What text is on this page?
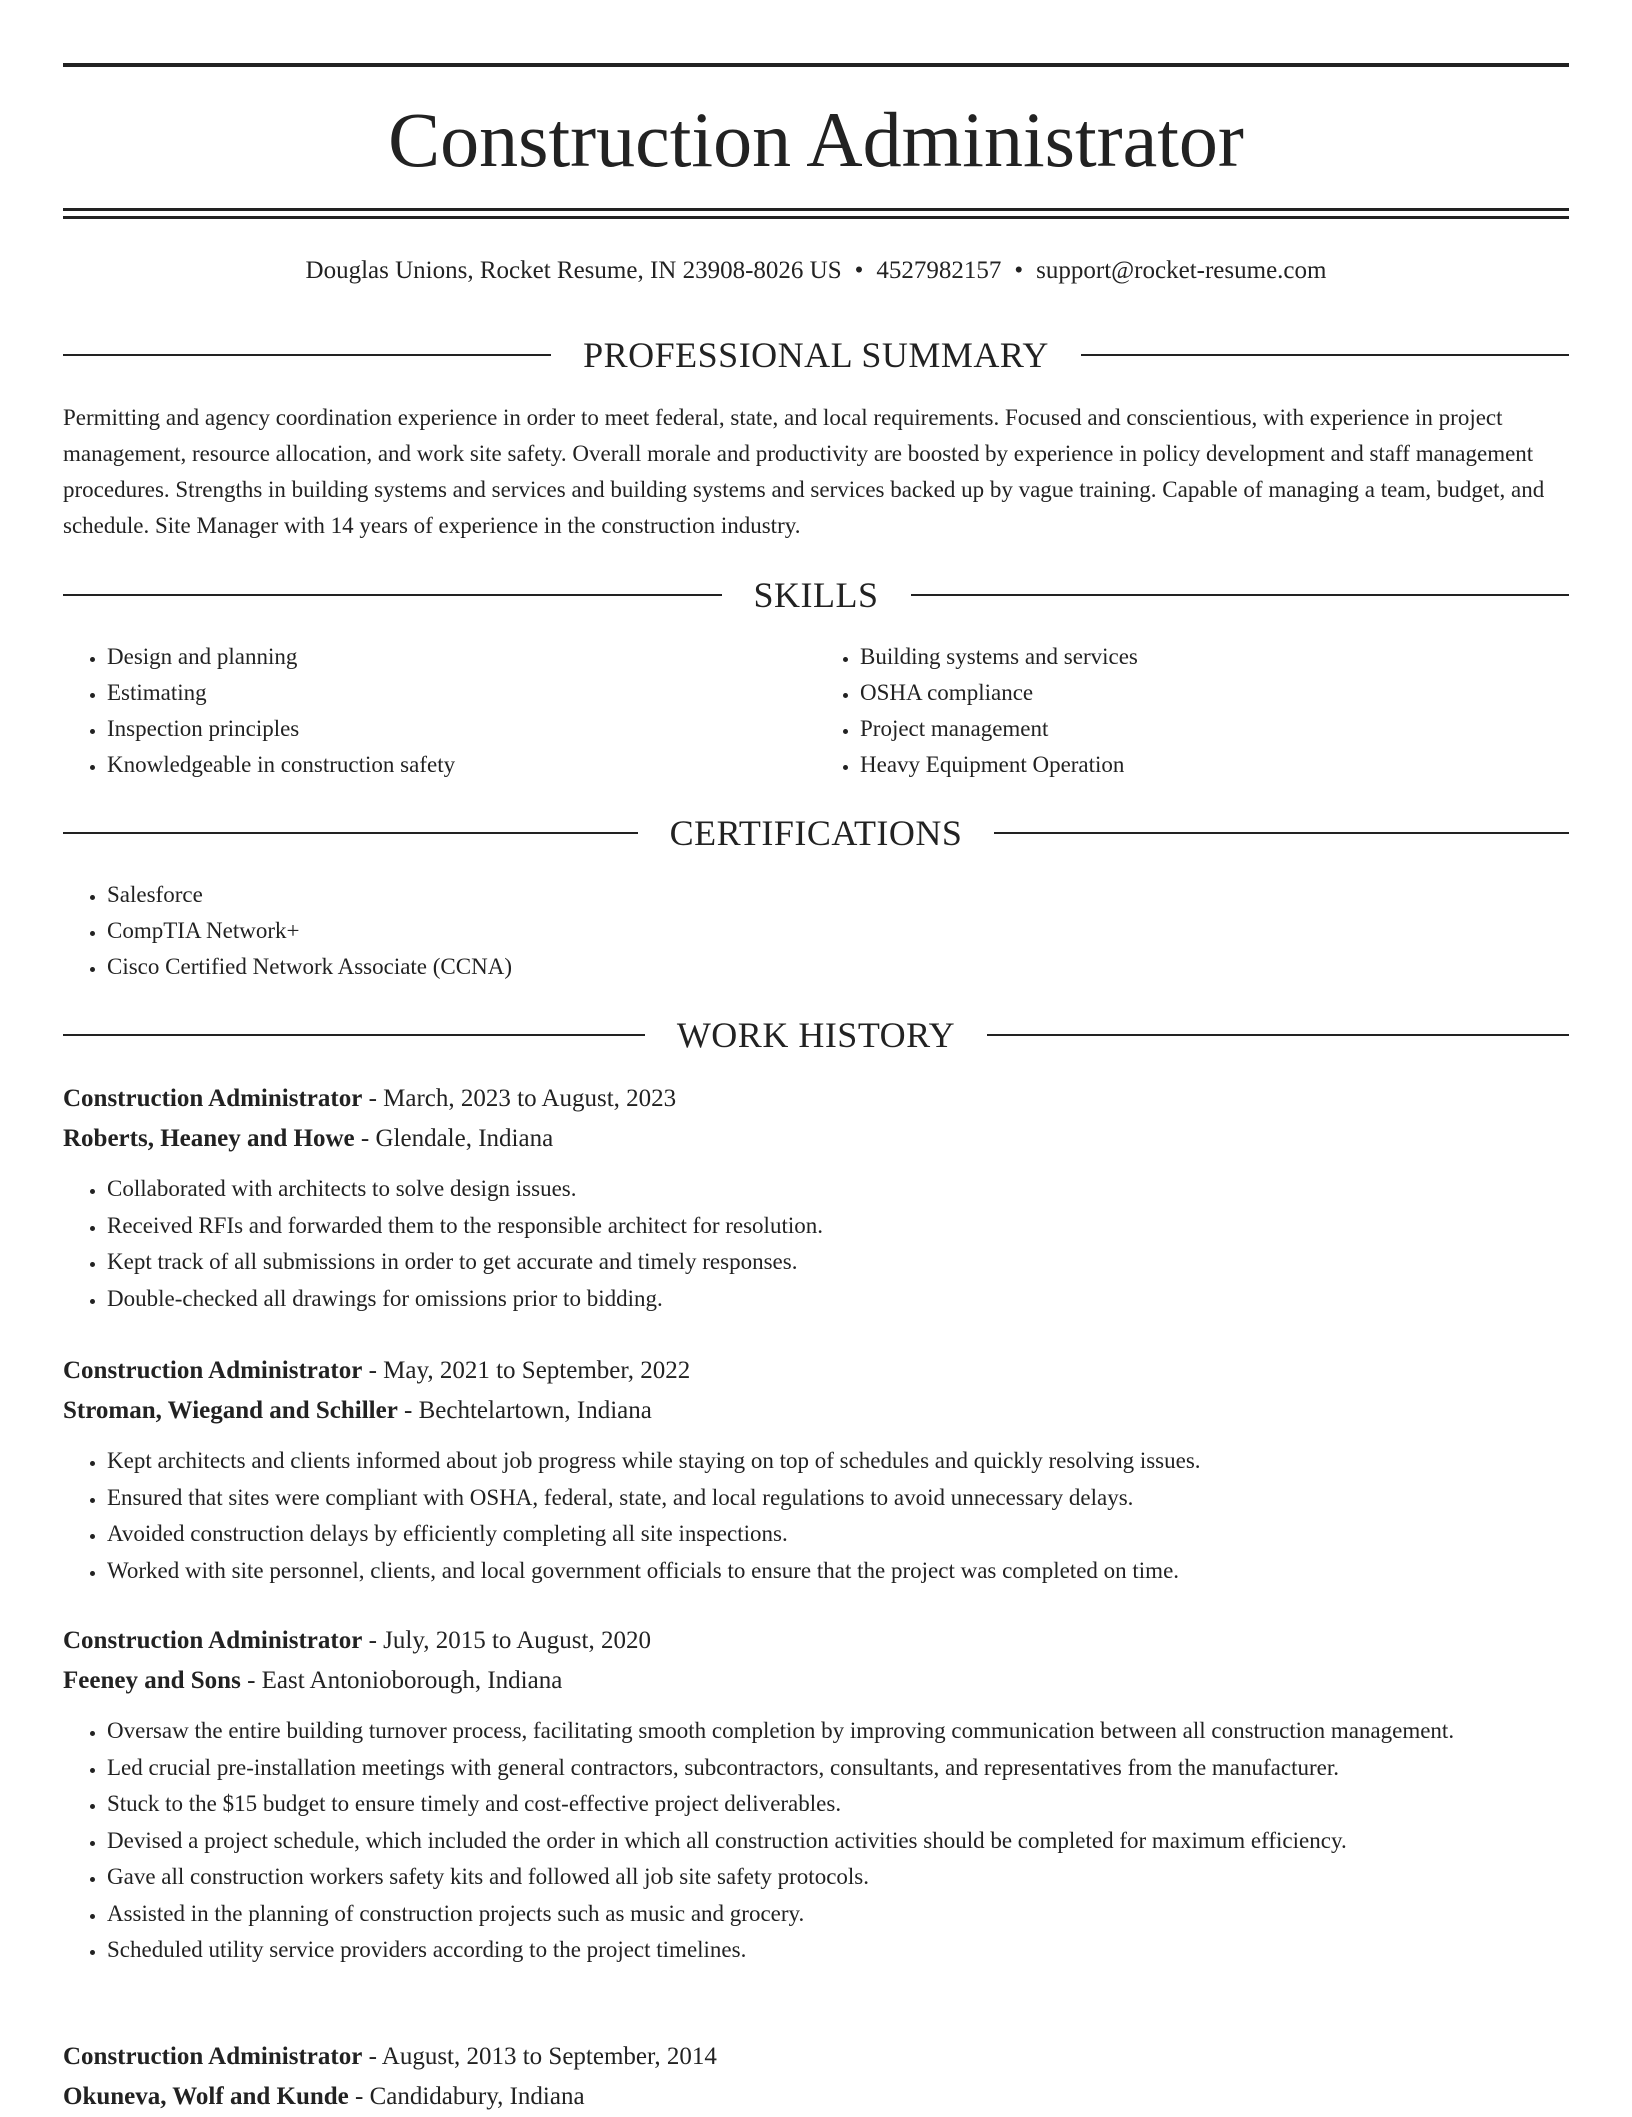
Construction Administrator
Douglas Unions, Rocket Resume, IN 23908-8026 US • 4527982157 • support@rocket-resume.com
PROFESSIONAL SUMMARY

Permitting and agency coordination experience in order to meet federal, state, and local requirements. Focused and conscientious, with experience in project management, resource allocation, and work site safety. Overall morale and productivity are boosted by experience in policy development and staff management procedures. Strengths in building systems and services and building systems and services backed up by vague training. Capable of managing a team, budget, and schedule. Site Manager with 14 years of experience in the construction industry.

SKILLS
• Design and planning
• Estimating
• Inspection principles
• Knowledgeable in construction safety
• Building systems and services
• OSHA compliance
• Project management
• Heavy Equipment Operation
CERTIFICATIONS
• Salesforce
• CompTIA Network+
• Cisco Certified Network Associate (CCNA)
WORK HISTORY
Construction Administrator - March, 2023 to August, 2023
Roberts, Heaney and Howe - Glendale, Indiana
• Collaborated with architects to solve design issues.
• Received RFIs and forwarded them to the responsible architect for resolution.
• Kept track of all submissions in order to get accurate and timely responses.
• Double-checked all drawings for omissions prior to bidding.
Construction Administrator - May, 2021 to September, 2022
Stroman, Wiegand and Schiller - Bechtelartown, Indiana
• Kept architects and clients informed about job progress while staying on top of schedules and quickly resolving issues.
• Ensured that sites were compliant with OSHA, federal, state, and local regulations to avoid unnecessary delays.
• Avoided construction delays by efficiently completing all site inspections.
• Worked with site personnel, clients, and local government officials to ensure that the project was completed on time.
Construction Administrator - July, 2015 to August, 2020
Feeney and Sons - East Antonioborough, Indiana
• Oversaw the entire building turnover process, facilitating smooth completion by improving communication between all construction management.
• Led crucial pre-installation meetings with general contractors, subcontractors, consultants, and representatives from the manufacturer.
• Stuck to the $15 budget to ensure timely and cost-effective project deliverables.
• Devised a project schedule, which included the order in which all construction activities should be completed for maximum efficiency.
• Gave all construction workers safety kits and followed all job site safety protocols.
• Assisted in the planning of construction projects such as music and grocery.
• Scheduled utility service providers according to the project timelines.
Construction Administrator - August, 2013 to September, 2014
Okuneva, Wolf and Kunde - Candidabury, Indiana
